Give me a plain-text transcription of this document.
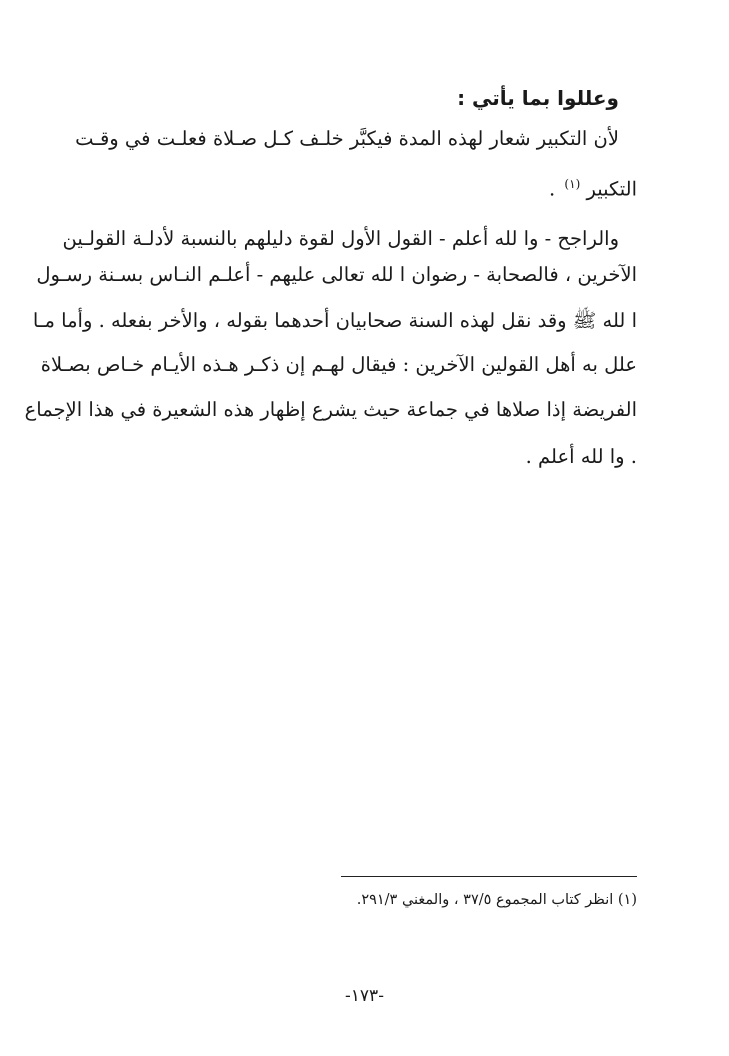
وعللوا بما يأتي :
لأن التكبير شعار لهذه المدة فيكبَّر خلـف كـل صـلاة فعلـت في وقـت
التكبير $^{(١)}$ .
والراجح - وا لله أعلم - القول الأول لقوة دليلهم بالنسبة لأدلـة القولـين
الآخرين ، فالصحابة - رضوان ا لله تعالى عليهم - أعلـم النـاس بسـنة رسـول
ا لله ﷺ وقد نقل لهذه السنة صحابيان أحدهما بقوله ، والأخر بفعله . وأما مـا
علل به أهل القولين الآخرين : فيقال لهـم إن ذكـر هـذه الأيـام خـاص بصـلاة
الفريضة إذا صلاها في جماعة حيث يشرع إظهار هذه الشعيرة في هذا الإجماع
. وا لله أعلم .
(١) انظر كتاب المجموع ٣٧/٥ ، والمغني ٢٩١/٣.
-١٧٣-
